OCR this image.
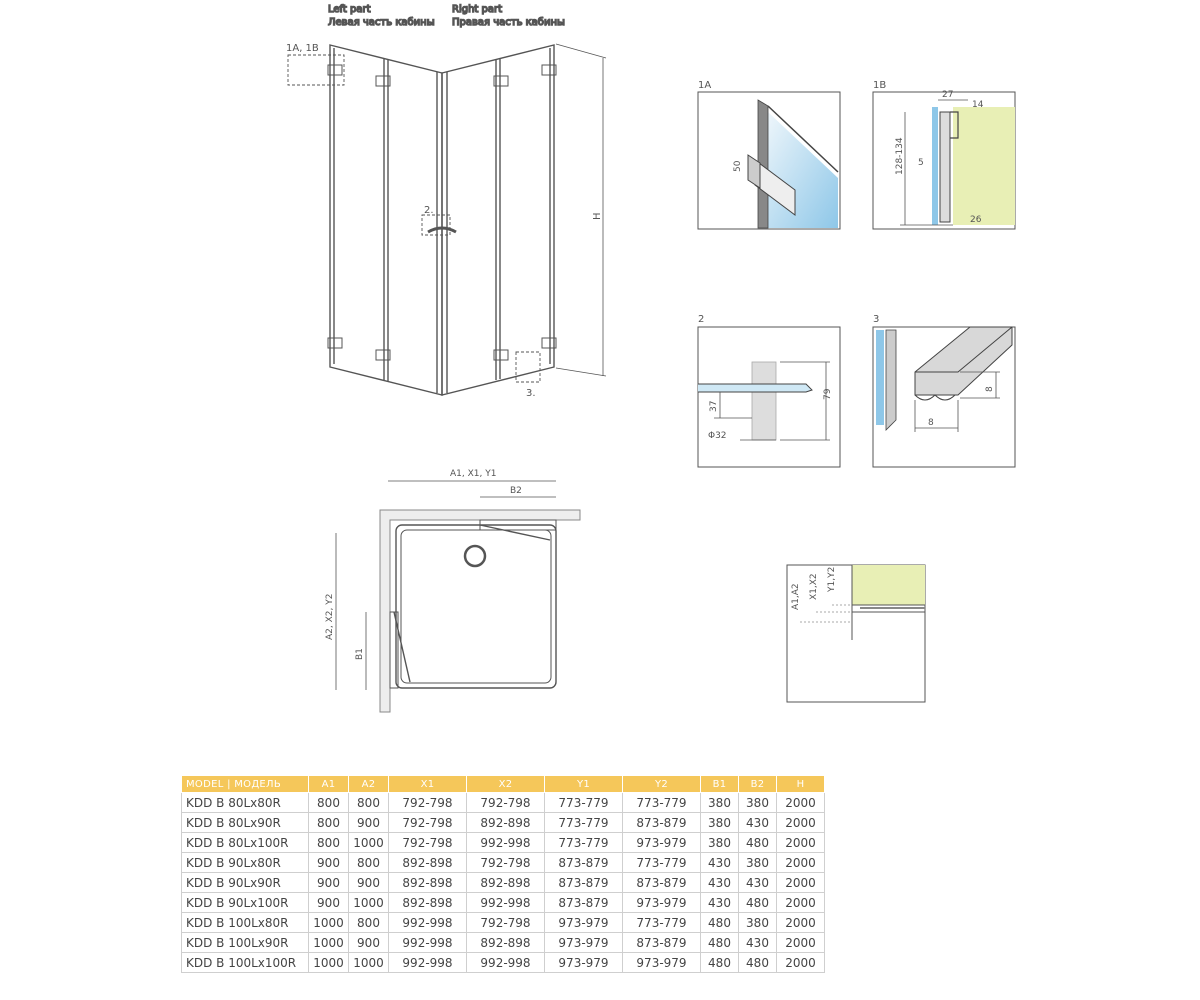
Left part
Левая часть кабины
Right part
Правая часть кабины
1A, 1B
2.
3.
H
1A
50
1B
27
14
128-134 5
26
2
79
37
Φ32
3
8
8
A1, X1, Y1
B2
A2, X2, Y2
B1
A1,A2 X1,X2 Y1,Y2
MODEL | МОДЕЛЬ	A1	A2	X1	X2	Y1	Y2	B1	B2	H
KDD B 80Lx80R	800	800	792-798	792-798	773-779	773-779	380	380	2000
KDD B 80Lx90R	800	900	792-798	892-898	773-779	873-879	380	430	2000
KDD B 80Lx100R	800	1000	792-798	992-998	773-779	973-979	380	480	2000
KDD B 90Lx80R	900	800	892-898	792-798	873-879	773-779	430	380	2000
KDD B 90Lx90R	900	900	892-898	892-898	873-879	873-879	430	430	2000
KDD B 90Lx100R	900	1000	892-898	992-998	873-879	973-979	430	480	2000
KDD B 100Lx80R	1000	800	992-998	792-798	973-979	773-779	480	380	2000
KDD B 100Lx90R	1000	900	992-998	892-898	973-979	873-879	480	430	2000
KDD B 100Lx100R	1000	1000	992-998	992-998	973-979	973-979	480	480	2000
